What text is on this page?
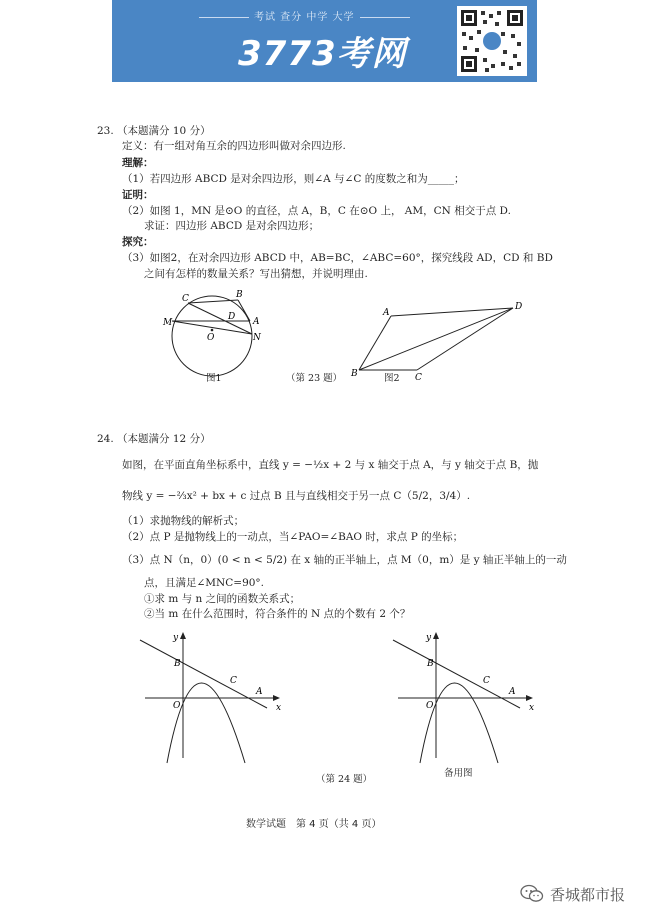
考试 查分 中学 大学
3773考网
23. （本题满分 10 分）
定义：有一组对角互余的四边形叫做对余四边形.
理解：
（1）若四边形 ABCD 是对余四边形，则∠A 与∠C 的度数之和为_____；
证明：
（2）如图 1，MN 是⊙O 的直径，点 A，B，C 在⊙O 上， AM，CN 相交于点 D.
求证：四边形 ABCD 是对余四边形；
探究：
（3）如图2，在对余四边形 ABCD 中，AB=BC，∠ABC=60°，探究线段 AD，CD 和 BD
之间有怎样的数量关系？写出猜想，并说明理由.
C	B
M
D A
O	N
图1	（第 23 题）
A
D
B	C
图2
24. （本题满分 12 分）
如图，在平面直角坐标系中，直线 y = −½x + 2 与 x 轴交于点 A，与 y 轴交于点 B，抛
物线 y = −⅔x² + bx + c 过点 B 且与直线相交于另一点 C（5/2，3/4）.
（1）求抛物线的解析式；
（2）点 P 是抛物线上的一动点，当∠PAO=∠BAO 时，求点 P 的坐标；
（3）点 N（n，0）(0 < n < 5/2) 在 x 轴的正半轴上，点 M（0，m）是 y 轴正半轴上的一动
点，且满足∠MNC=90°.
①求 m 与 n 之间的函数关系式；
②当 m 在什么范围时，符合条件的 N 点的个数有 2 个？
y
x
B
C
A
O
（第 24 题）
y
x
B
C
A
O
备用图
数学试题　第 4 页（共 4 页）
香城都市报
